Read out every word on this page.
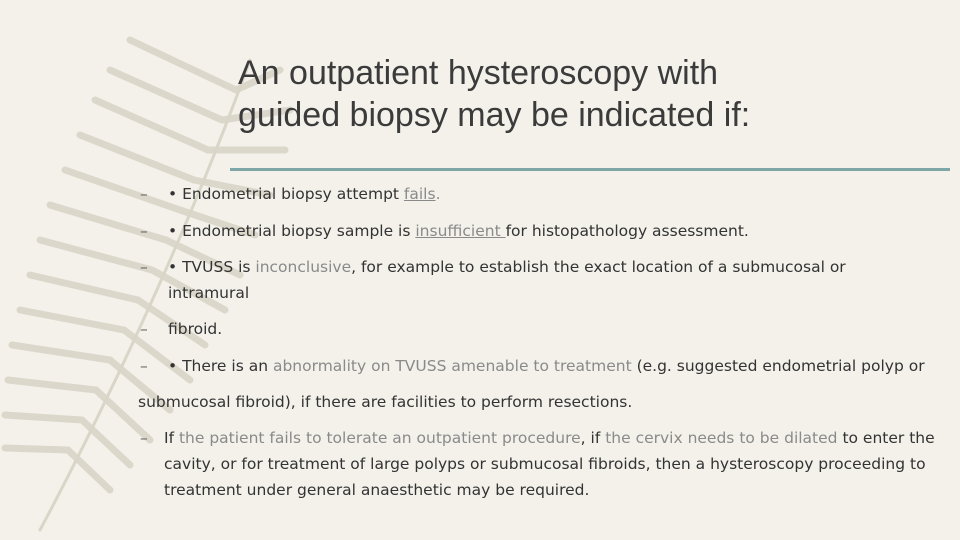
An outpatient hysteroscopy with
guided biopsy may be indicated if:
–	• Endometrial biopsy attempt fails.
–	• Endometrial biopsy sample is insufficient for histopathology assessment.
–	• TVUSS is inconclusive, for example to establish the exact location of a submucosal or intramural
–	fibroid.
–	• There is an abnormality on TVUSS amenable to treatment (e.g. suggested endometrial polyp or
submucosal fibroid), if there are facilities to perform resections.
–	If the patient fails to tolerate an outpatient procedure, if the cervix needs to be dilated to enter the cavity, or for treatment of large polyps or submucosal fibroids, then a hysteroscopy proceeding to treatment under general anaesthetic may be required.
